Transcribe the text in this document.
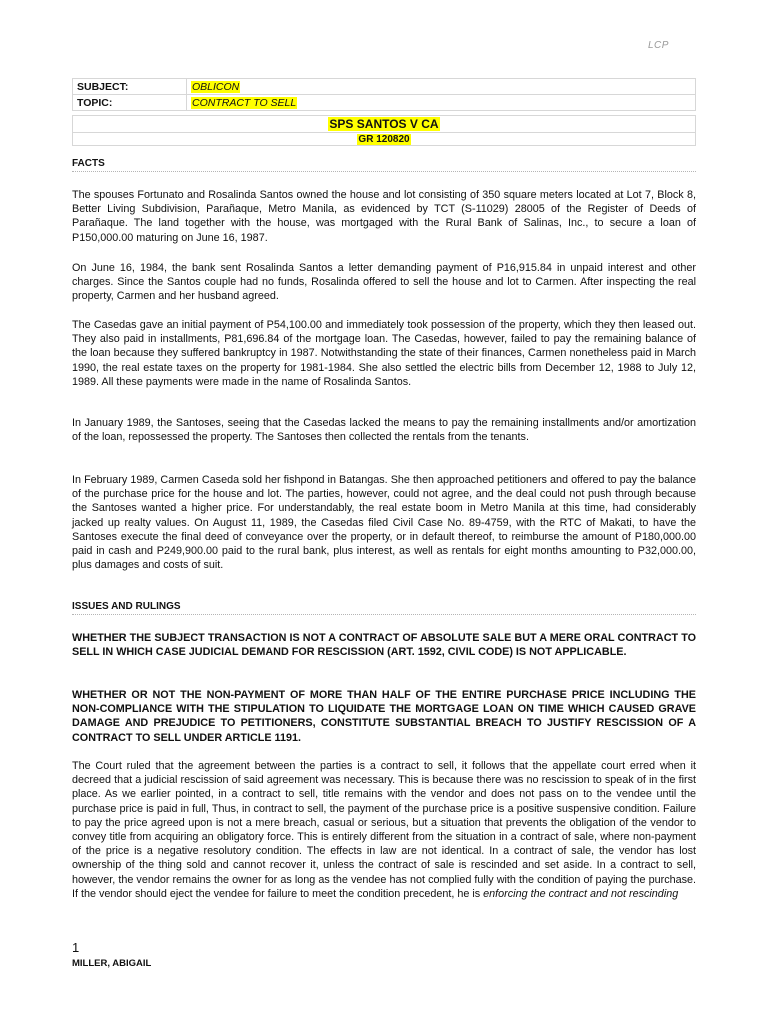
LCP
SUBJECT:	OBLICON
TOPIC:	CONTRACT TO SELL
SPS SANTOS V CA
GR 120820
FACTS

The spouses Fortunato and Rosalinda Santos owned the house and lot consisting of 350 square meters located at Lot 7, Block 8, Better Living Subdivision, Parañaque, Metro Manila, as evidenced by TCT (S-11029) 28005 of the Register of Deeds of Parañaque. The land together with the house, was mortgaged with the Rural Bank of Salinas, Inc., to secure a loan of P150,000.00 maturing on June 16, 1987.

On June 16, 1984, the bank sent Rosalinda Santos a letter demanding payment of P16,915.84 in unpaid interest and other charges. Since the Santos couple had no funds, Rosalinda offered to sell the house and lot to Carmen. After inspecting the real property, Carmen and her husband agreed.

The Casedas gave an initial payment of P54,100.00 and immediately took possession of the property, which they then leased out. They also paid in installments, P81,696.84 of the mortgage loan. The Casedas, however, failed to pay the remaining balance of the loan because they suffered bankruptcy in 1987. Notwithstanding the state of their finances, Carmen nonetheless paid in March 1990, the real estate taxes on the property for 1981-1984. She also settled the electric bills from December 12, 1988 to July 12, 1989. All these payments were made in the name of Rosalinda Santos.

In January 1989, the Santoses, seeing that the Casedas lacked the means to pay the remaining installments and/or amortization of the loan, repossessed the property. The Santoses then collected the rentals from the tenants.

In February 1989, Carmen Caseda sold her fishpond in Batangas. She then approached petitioners and offered to pay the balance of the purchase price for the house and lot. The parties, however, could not agree, and the deal could not push through because the Santoses wanted a higher price. For understandably, the real estate boom in Metro Manila at this time, had considerably jacked up realty values. On August 11, 1989, the Casedas filed Civil Case No. 89-4759, with the RTC of Makati, to have the Santoses execute the final deed of conveyance over the property, or in default thereof, to reimburse the amount of P180,000.00 paid in cash and P249,900.00 paid to the rural bank, plus interest, as well as rentals for eight months amounting to P32,000.00, plus damages and costs of suit.

ISSUES AND RULINGS

WHETHER THE SUBJECT TRANSACTION IS NOT A CONTRACT OF ABSOLUTE SALE BUT A MERE ORAL CONTRACT TO SELL IN WHICH CASE JUDICIAL DEMAND FOR RESCISSION (ART. 1592, CIVIL CODE) IS NOT APPLICABLE.

WHETHER OR NOT THE NON-PAYMENT OF MORE THAN HALF OF THE ENTIRE PURCHASE PRICE INCLUDING THE NON-COMPLIANCE WITH THE STIPULATION TO LIQUIDATE THE MORTGAGE LOAN ON TIME WHICH CAUSED GRAVE DAMAGE AND PREJUDICE TO PETITIONERS, CONSTITUTE SUBSTANTIAL BREACH TO JUSTIFY RESCISSION OF A CONTRACT TO SELL UNDER ARTICLE 1191.

The Court ruled that the agreement between the parties is a contract to sell, it follows that the appellate court erred when it decreed that a judicial rescission of said agreement was necessary. This is because there was no rescission to speak of in the first place. As we earlier pointed, in a contract to sell, title remains with the vendor and does not pass on to the vendee until the purchase price is paid in full, Thus, in contract to sell, the payment of the purchase price is a positive suspensive condition. Failure to pay the price agreed upon is not a mere breach, casual or serious, but a situation that prevents the obligation of the vendor to convey title from acquiring an obligatory force. This is entirely different from the situation in a contract of sale, where non-payment of the price is a negative resolutory condition. The effects in law are not identical. In a contract of sale, the vendor has lost ownership of the thing sold and cannot recover it, unless the contract of sale is rescinded and set aside. In a contract to sell, however, the vendor remains the owner for as long as the vendee has not complied fully with the condition of paying the purchase. If the vendor should eject the vendee for failure to meet the condition precedent, he is enforcing the contract and not rescinding

1
MILLER, ABIGAIL
